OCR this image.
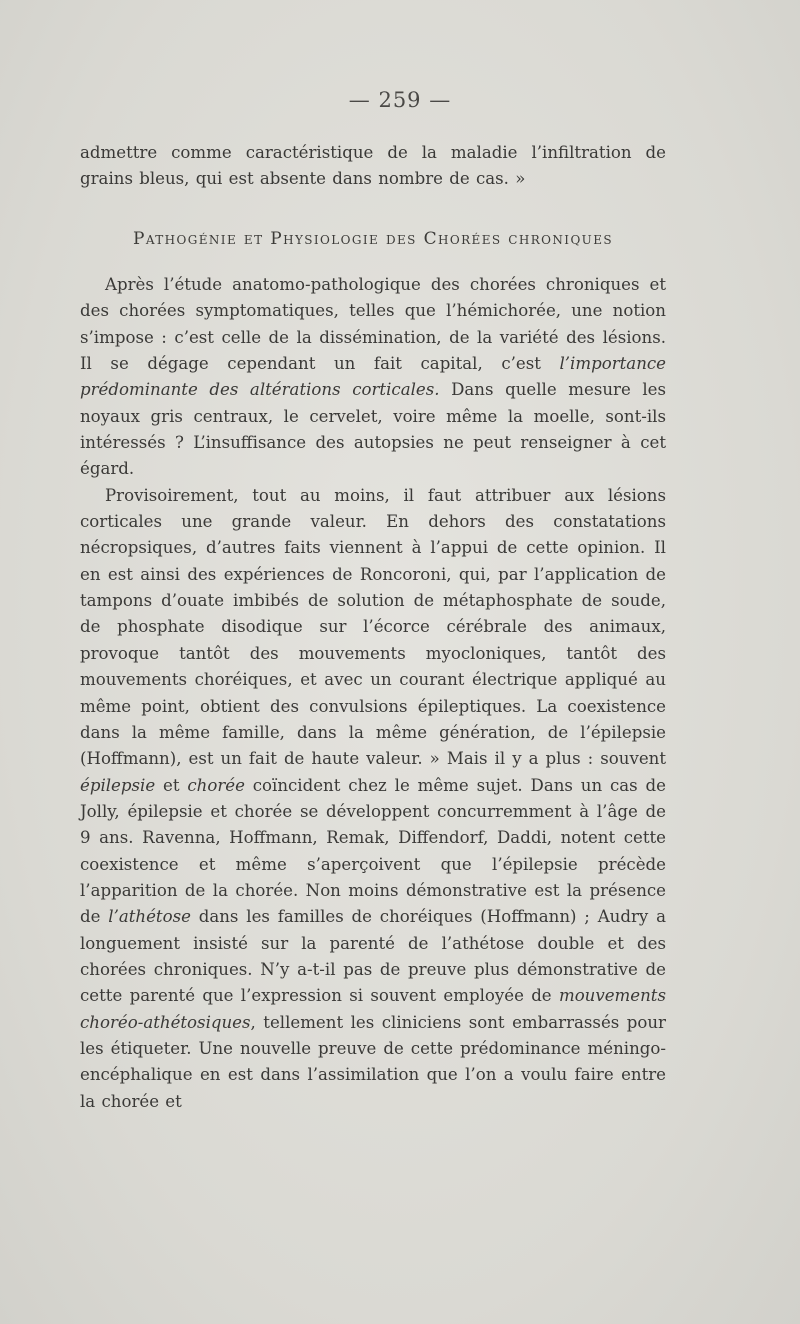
— 259 —

admettre comme caractéristique de la maladie l’infiltration de grains bleus, qui est absente dans nombre de cas. »

Pathogénie et Physiologie des Chorées chroniques

Après l’étude anatomo-pathologique des chorées chroniques et des chorées symptomatiques, telles que l’hémichorée, une notion s’impose : c’est celle de la dissémination, de la variété des lésions. Il se dégage cependant un fait capital, c’est l’importance prédominante des altérations corticales. Dans quelle mesure les noyaux gris centraux, le cervelet, voire même la moelle, sont-ils intéressés ? L’insuffisance des autopsies ne peut renseigner à cet égard.

Provisoirement, tout au moins, il faut attribuer aux lésions corticales une grande valeur. En dehors des constatations nécropsiques, d’autres faits viennent à l’appui de cette opinion. Il en est ainsi des expériences de Roncoroni, qui, par l’application de tampons d’ouate imbibés de solution de métaphosphate de soude, de phosphate disodique sur l’écorce cérébrale des animaux, provoque tantôt des mouvements myocloniques, tantôt des mouvements choréiques, et avec un courant électrique appliqué au même point, obtient des convulsions épileptiques. La coexistence dans la même famille, dans la même génération, de l’épilepsie (Hoffmann), est un fait de haute valeur. » Mais il y a plus : souvent épilepsie et chorée coïncident chez le même sujet. Dans un cas de Jolly, épilepsie et chorée se développent concurremment à l’âge de 9 ans. Ravenna, Hoffmann, Remak, Diffendorf, Daddi, notent cette coexistence et même s’aperçoivent que l’épilepsie précède l’apparition de la chorée. Non moins démonstrative est la présence de l’athétose dans les familles de choréiques (Hoffmann) ; Audry a longuement insisté sur la parenté de l’athétose double et des chorées chroniques. N’y a-t-il pas de preuve plus démonstrative de cette parenté que l’expression si souvent employée de mouvements choréo-athétosiques, tellement les cliniciens sont embarrassés pour les étiqueter. Une nouvelle preuve de cette prédominance méningo-encéphalique en est dans l’assimilation que l’on a voulu faire entre la chorée et
